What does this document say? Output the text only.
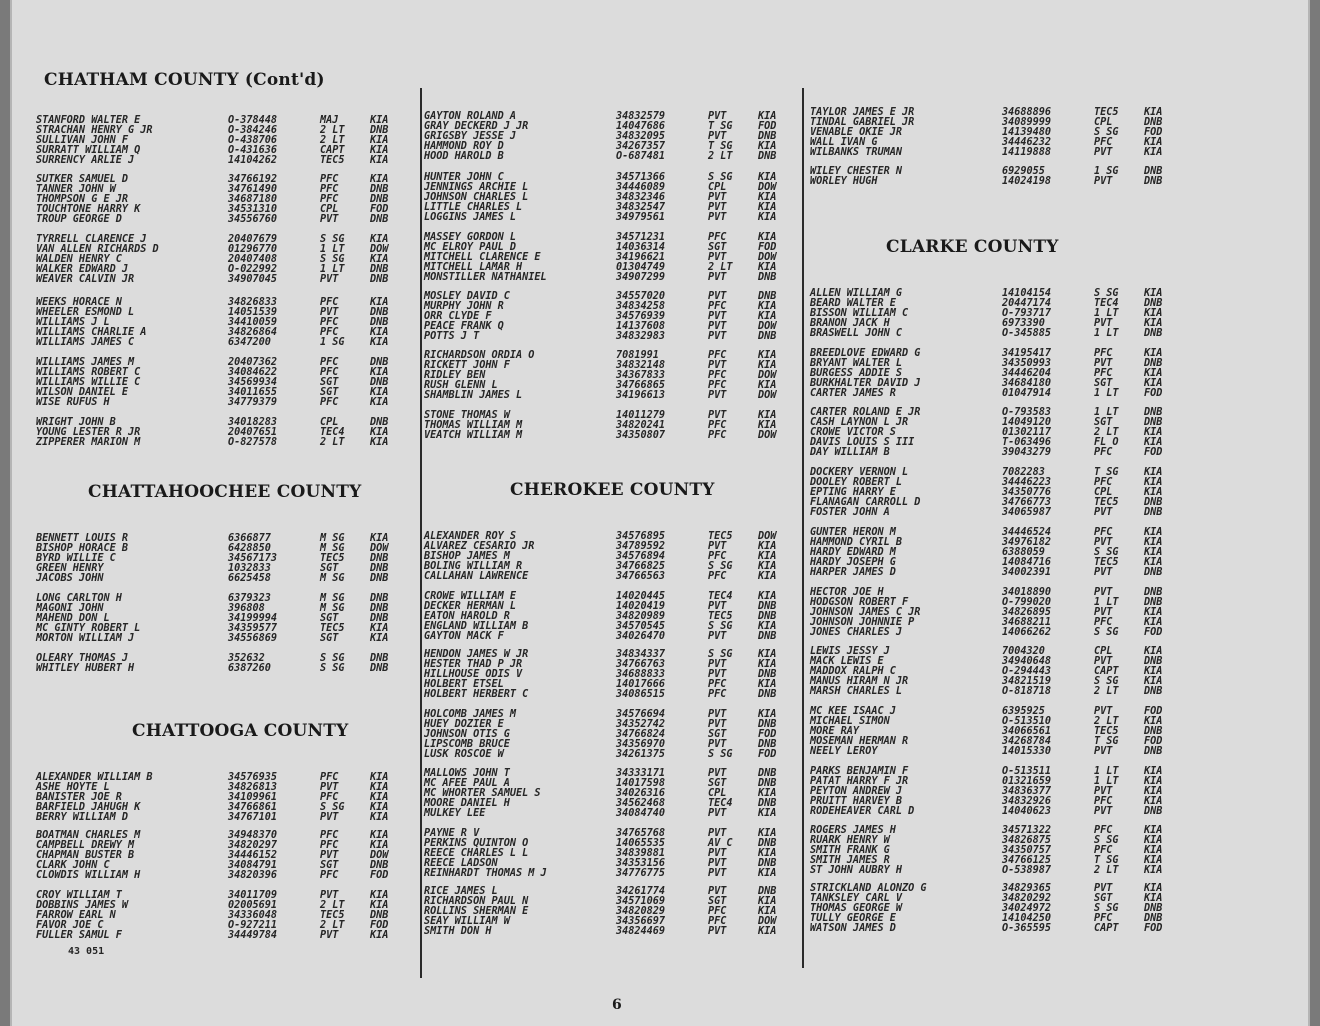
CHATHAM COUNTY (Cont'd)
STANFORD WALTER E	O-378448	MAJ	KIA
STRACHAN HENRY G JR	O-384246	2 LT DNB
SULLIVAN JOHN F	O-438706	2 LT KIA
SURRATT WILLIAM Q	O-431636	CAPT KIA
SURRENCY ARLIE J	14104262	TEC5 KIA
SUTKER SAMUEL D	34766192	PFC	KIA
TANNER JOHN W	34761490	PFC	DNB
THOMPSON G E JR	34687180	PFC	DNB
TOUCHTONE HARRY K	34531310	CPL	FOD
TROUP GEORGE D	34556760	PVT	DNB
TYRRELL CLARENCE J	20407679	S SG KIA
VAN ALLEN RICHARDS D	01296770	1 LT DOW
WALDEN HENRY C	20407408	S SG KIA
WALKER EDWARD J	O-022992	1 LT DNB
WEAVER CALVIN JR	34907045	PVT	DNB
WEEKS HORACE N	34826833	PFC	KIA
WHEELER ESMOND L	14051539	PVT	DNB
WILLIAMS J L	34410059	PFC	DNB
WILLIAMS CHARLIE A	34826864	PFC	KIA
WILLIAMS JAMES C	6347200	1 SG KIA
WILLIAMS JAMES M	20407362	PFC	DNB
WILLIAMS ROBERT C	34084622	PFC	KIA
WILLIAMS WILLIE C	34569934	SGT	DNB
WILSON DANIEL E	34011655	SGT	KIA
WISE RUFUS H	34779379	PFC	KIA
WRIGHT JOHN B	34018283	CPL	DNB
YOUNG LESTER R JR	20407651	TEC4 KIA
ZIPPERER MARION M	O-827578	2 LT KIA
CHATTAHOOCHEE COUNTY
BENNETT LOUIS R	6366877	M SG KIA
BISHOP HORACE B	6428850	M SG DOW
BYRD WILLIE C	34567173	TEC5 DNB
GREEN HENRY	1032833	SGT	DNB
JACOBS JOHN	6625458	M SG DNB
LONG CARLTON H	6379323	M SG DNB
MAGONI JOHN	396808	M SG DNB
MAHEND DON L	34199994	SGT	DNB
MC GINTY ROBERT L	34359577	TEC5 KIA
MORTON WILLIAM J	34556869	SGT	KIA
OLEARY THOMAS J	352632	S SG DNB
WHITLEY HUBERT H	6387260	S SG DNB
CHATTOOGA COUNTY
ALEXANDER WILLIAM B	34576935	PFC	KIA
ASHE HOYTE L	34826813	PVT	KIA
BANISTER JOE R	34109961	PFC	KIA
BARFIELD JAHUGH K	34766861	S SG KIA
BERRY WILLIAM D	34767101	PVT	KIA
BOATMAN CHARLES M	34948370	PFC	KIA
CAMPBELL DREWY M	34820297	PFC	KIA
CHAPMAN BUSTER B	34446152	PVT	DOW
CLARK JOHN C	34084791	SGT	DNB
CLOWDIS WILLIAM H	34820396	PFC	FOD
CROY WILLIAM T	34011709	PVT	KIA
DOBBINS JAMES W	02005691	2 LT KIA
FARROW EARL N	34336048	TEC5 DNB
FAVOR JOE C	O-927211	2 LT FOD
FULLER SAMUL F	34449784	PVT	KIA
GAYTON ROLAND A	34832579	PVT	KIA
GRAY DECKERD J JR	14047686	T SG FOD
GRIGSBY JESSE J	34832095	PVT	DNB
HAMMOND ROY D	34267357	T SG KIA
HOOD HAROLD B	O-687481	2 LT DNB
HUNTER JOHN C	34571366	S SG KIA
JENNINGS ARCHIE L	34446089	CPL	DOW
JOHNSON CHARLES L	34832346	PVT	KIA
LITTLE CHARLES L	34832547	PVT	KIA
LOGGINS JAMES L	34979561	PVT	KIA
MASSEY GORDON L	34571231	PFC	KIA
MC ELROY PAUL D	14036314	SGT	FOD
MITCHELL CLARENCE E	34196621	PVT	DOW
MITCHELL LAMAR H	01304749	2 LT KIA
MONSTILLER NATHANIEL	34907299	PVT	DNB
MOSLEY DAVID C	34557020	PVT	DNB
MURPHY JOHN R	34834258	PFC	KIA
ORR CLYDE F	34576939	PVT	KIA
PEACE FRANK Q	14137608	PVT	DOW
POTTS J T	34832983	PVT	DNB
RICHARDSON ORDIA O	7081991	PFC	KIA
RICKETT JOHN F	34832148	PVT	KIA
RIDLEY BEN	34367833	PFC	DOW
RUSH GLENN L	34766865	PFC	KIA
SHAMBLIN JAMES L	34196613	PVT	DOW
STONE THOMAS W	14011279	PVT	KIA
THOMAS WILLIAM M	34820241	PFC	KIA
VEATCH WILLIAM M	34350807	PFC	DOW
CHEROKEE COUNTY
ALEXANDER ROY S	34576895	TEC5 DOW
ALVAREZ CESARIO JR	34789592	PVT	KIA
BISHOP JAMES M	34576894	PFC	KIA
BOLING WILLIAM R	34766825	S SG KIA
CALLAHAN LAWRENCE	34766563	PFC	KIA
CROWE WILLIAM E	14020445	TEC4 KIA
DECKER HERMAN L	14020419	PVT	DNB
EATON HAROLD R	34820989	TEC5 DNB
ENGLAND WILLIAM B	34570545	S SG KIA
GAYTON MACK F	34026470	PVT	DNB
HENDON JAMES W JR	34834337	S SG KIA
HESTER THAD P JR	34766763	PVT	KIA
HILLHOUSE ODIS V	34688833	PVT	DNB
HOLBERT ETSEL	14017666	PFC	KIA
HOLBERT HERBERT C	34086515	PFC	DNB
HOLCOMB JAMES M	34576694	PVT	KIA
HUEY DOZIER E	34352742	PVT	DNB
JOHNSON OTIS G	34766824	SGT	FOD
LIPSCOMB BRUCE	34356970	PVT	DNB
LUSK ROSCOE W	34261375	S SG FOD
MALLOWS JOHN T	34333171	PVT	DNB
MC AFEE PAUL A	14017598	SGT	DNB
MC WHORTER SAMUEL S	34026316	CPL	KIA
MOORE DANIEL H	34562468	TEC4 DNB
MULKEY LEE	34084740	PVT	KIA
PAYNE R V	34765768	PVT	KIA
PERKINS QUINTON O	14065535	AV C DNB
REECE CHARLES L L	34839881	PVT	KIA
REECE LADSON	34353156	PVT	DNB
REINHARDT THOMAS M J	34776775	PVT	KIA
RICE JAMES L	34261774	PVT	DNB
RICHARDSON PAUL N	34571069	SGT	KIA
ROLLINS SHERMAN E	34820829	PFC	KIA
SEAY WILLIAM W	34356697	PFC	DOW
SMITH DON H	34824469	PVT	KIA
TAYLOR JAMES E JR	34688896	TEC5 KIA
TINDAL GABRIEL JR	34089999	CPL	DNB
VENABLE OKIE JR	14139480	S SG FOD
WALL IVAN G	34446232	PFC	KIA
WILBANKS TRUMAN	14119888	PVT	KIA
WILEY CHESTER N	6929055	1 SG DNB
WORLEY HUGH	14024198	PVT	DNB
CLARKE COUNTY
ALLEN WILLIAM G	14104154	S SG KIA
BEARD WALTER E	20447174	TEC4 DNB
BISSON WILLIAM C	O-793717	1 LT KIA
BRANON JACK H	6973390	PVT	KIA
BRASWELL JOHN C	O-345885	1 LT DNB
BREEDLOVE EDWARD G	34195417	PFC	KIA
BRYANT WALTER L	34350993	PVT	DNB
BURGESS ADDIE S	34446204	PFC	KIA
BURKHALTER DAVID J	34684180	SGT	KIA
CARTER JAMES R	01047914	1 LT FOD
CARTER ROLAND E JR	O-793583	1 LT DNB
CASH LAYNON L JR	14049120	SGT	DNB
CROWE VICTOR S	01302117	2 LT KIA
DAVIS LOUIS S III	T-063496	FL O KIA
DAY WILLIAM B	39043279	PFC	FOD
DOCKERY VERNON L	7082283	T SG KIA
DOOLEY ROBERT L	34446223	PFC	KIA
EPTING HARRY E	34350776	CPL	KIA
FLANAGAN CARROLL D	34766773	TEC5 DNB
FOSTER JOHN A	34065987	PVT	DNB
GUNTER HERON M	34446524	PFC	KIA
HAMMOND CYRIL B	34976182	PVT	KIA
HARDY EDWARD M	6388059	S SG KIA
HARDY JOSEPH G	14084716	TEC5 KIA
HARPER JAMES D	34002391	PVT	DNB
HECTOR JOE H	34018890	PVT	DNB
HODGSON ROBERT F	O-799020	1 LT DNB
JOHNSON JAMES C JR	34826895	PVT	KIA
JOHNSON JOHNNIE P	34688211	PFC	KIA
JONES CHARLES J	14066262	S SG FOD
LEWIS JESSY J	7004320	CPL	KIA
MACK LEWIS E	34940648	PVT	DNB
MADDOX RALPH C	O-294443	CAPT KIA
MANUS HIRAM N JR	34821519	S SG KIA
MARSH CHARLES L	O-818718	2 LT DNB
MC KEE ISAAC J	6395925	PVT	FOD
MICHAEL SIMON	O-513510	2 LT KIA
MORE RAY	34066561	TEC5 DNB
MOSEMAN HERMAN R	34268784	T SG FOD
NEELY LEROY	14015330	PVT	DNB
PARKS BENJAMIN F	O-513511	1 LT KIA
PATAT HARRY F JR	01321659	1 LT KIA
PEYTON ANDREW J	34836377	PVT	KIA
PRUITT HARVEY B	34832926	PFC	KIA
RODEHEAVER CARL D	14040623	PVT	DNB
ROGERS JAMES H	34571322	PFC	KIA
RUARK HENRY W	34826875	S SG KIA
SMITH FRANK G	34350757	PFC	KIA
SMITH JAMES R	34766125	T SG KIA
ST JOHN AUBRY H	O-538987	2 LT KIA
STRICKLAND ALONZO G	34829365	PVT	KIA
TANKSLEY CARL V	34820292	SGT	KIA
THOMAS GEORGE W	34024972	S SG DNB
TULLY GEORGE E	14104250	PFC	DNB
WATSON JAMES D	O-365595	CAPT FOD
43 051
6
